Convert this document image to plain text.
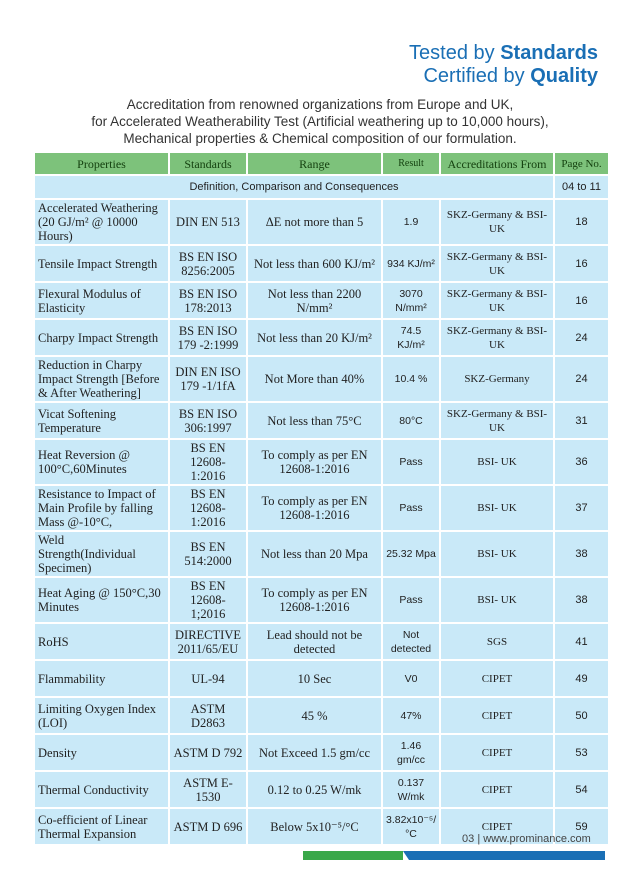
Tested by Standards
Certified by Quality
Accreditation from renowned organizations from Europe and UK,
for Accelerated Weatherability Test (Artificial weathering up to 10,000 hours),
Mechanical properties & Chemical composition of our formulation.
Properties	Standards	Range	Result	Accreditations From	Page No.
Definition, Comparison and Consequences					04 to 11
Accelerated Weathering (20 GJ/m² @ 10000 Hours)	DIN EN 513	ΔE not more than 5	1.9	SKZ-Germany & BSI-UK	18
Tensile Impact Strength	BS EN ISO 8256:2005	Not less than 600 KJ/m²	934 KJ/m²	SKZ-Germany & BSI-UK	16
Flexural Modulus of Elasticity	BS EN ISO 178:2013	Not less than 2200 N/mm²	3070 N/mm²	SKZ-Germany & BSI-UK	16
Charpy Impact Strength	BS EN ISO 179 -2:1999	Not less than 20 KJ/m²	74.5 KJ/m²	SKZ-Germany & BSI-UK	24
Reduction in Charpy Impact Strength [Before & After Weathering]	DIN EN ISO 179 -1/1fA	Not More than 40%	10.4 %	SKZ-Germany	24
Vicat Softening Temperature	BS EN ISO 306:1997	Not less than 75°C	80°C	SKZ-Germany & BSI-UK	31
Heat Reversion @ 100°C,60Minutes	BS EN 12608-1:2016	To comply as per EN 12608-1:2016	Pass	BSI- UK	36
Resistance to Impact of Main Profile by falling Mass @-10°C,	BS EN 12608-1:2016	To comply as per EN 12608-1:2016	Pass	BSI- UK	37
Weld Strength(Individual Specimen)	BS EN 514:2000	Not less than 20 Mpa	25.32 Mpa	BSI- UK	38
Heat Aging @ 150°C,30 Minutes	BS EN 12608-1;2016	To comply as per EN 12608-1:2016	Pass	BSI- UK	38
RoHS	DIRECTIVE 2011/65/EU	Lead should not be detected	Not detected	SGS	41
Flammability	UL-94	10 Sec	V0	CIPET	49
Limiting Oxygen Index (LOI)	ASTM D2863	45 %	47%	CIPET	50
Density	ASTM D 792	Not Exceed 1.5 gm/cc	1.46 gm/cc	CIPET	53
Thermal Conductivity	ASTM E-1530	0.12 to 0.25 W/mk	0.137 W/mk	CIPET	54
Co-efficient of Linear Thermal Expansion	ASTM D 696	Below 5x10⁻⁵/°C	3.82x10⁻⁵/°C	CIPET	59
03 | www.prominance.com
